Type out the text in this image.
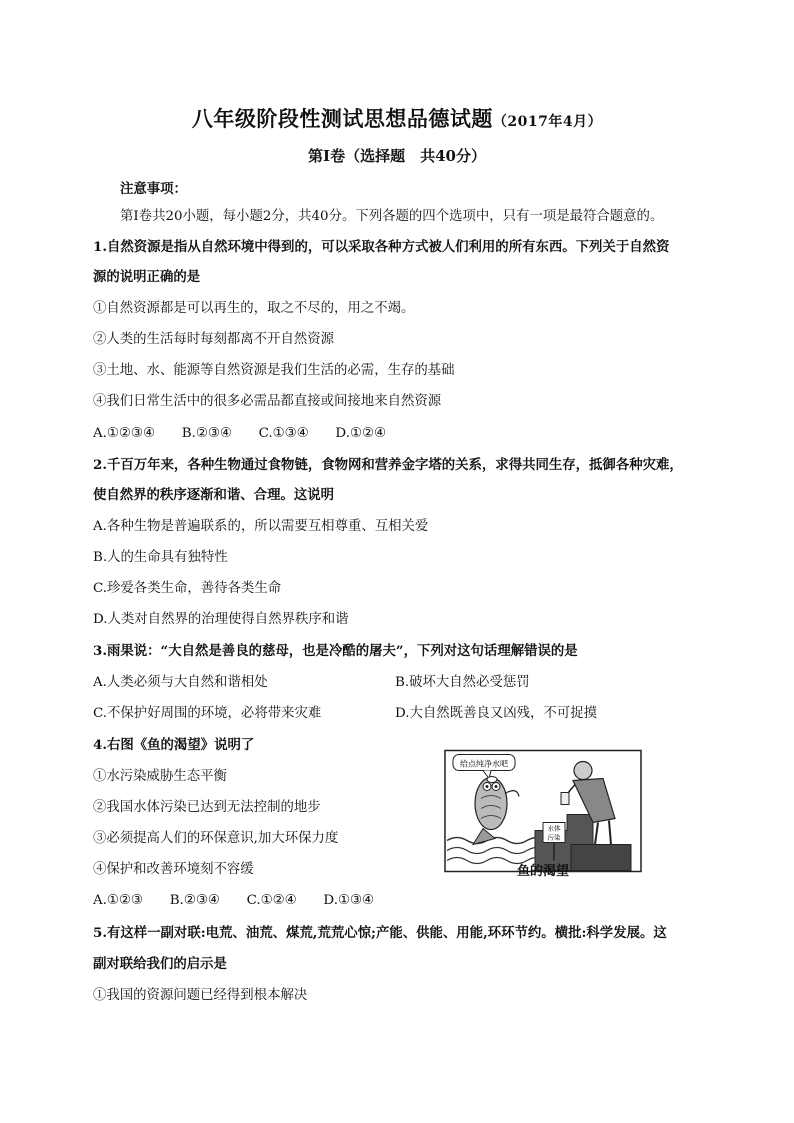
八年级阶段性测试思想品德试题（2017年4月）
第Ⅰ卷（选择题　共40分）
注意事项：
第Ⅰ卷共20小题，每小题2分，共40分。下列各题的四个选项中，只有一项是最符合题意的。
1.自然资源是指从自然环境中得到的，可以采取各种方式被人们利用的所有东西。下列关于自然资
源的说明正确的是
①自然资源都是可以再生的，取之不尽的，用之不竭。
②人类的生活每时每刻都离不开自然资源
③土地、水、能源等自然资源是我们生活的必需，生存的基础
④我们日常生活中的很多必需品都直接或间接地来自然资源
A.①②③④　　B.②③④　　C.①③④　　D.①②④
2.千百万年来，各种生物通过食物链，食物网和营养金字塔的关系，求得共同生存，抵御各种灾难，
使自然界的秩序逐渐和谐、合理。这说明
A.各种生物是普遍联系的，所以需要互相尊重、互相关爱
B.人的生命具有独特性
C.珍爱各类生命，善待各类生命
D.人类对自然界的治理使得自然界秩序和谐
3.雨果说：“大自然是善良的慈母，也是冷酷的屠夫”，下列对这句话理解错误的是
A.人类必须与大自然和谐相处	B.破坏大自然必受惩罚
C.不保护好周围的环境，必将带来灾难	D.大自然既善良又凶残，不可捉摸
4.右图《鱼的渴望》说明了
①水污染威胁生态平衡
②我国水体污染已达到无法控制的地步
③必须提高人们的环保意识,加大环保力度
④保护和改善环境刻不容缓
A.①②③　　B.②③④　　C.①②④　　D.①③④
给点纯净水吧
水体
污染
鱼的渴望
5.有这样一副对联:电荒、油荒、煤荒,荒荒心惊;产能、供能、用能,环环节约。横批:科学发展。这
副对联给我们的启示是
①我国的资源问题已经得到根本解决
